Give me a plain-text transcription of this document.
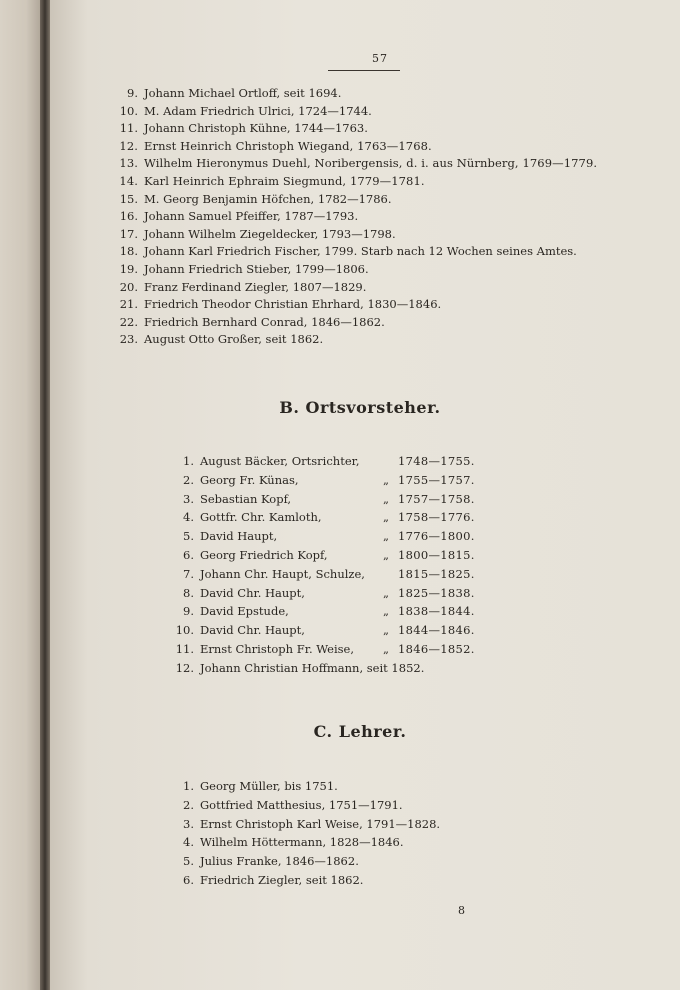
57
9. Johann Michael Ortloff, seit 1694.
10. M. Adam Friedrich Ulrici, 1724—1744.
11. Johann Christoph Kühne, 1744—1763.
12. Ernst Heinrich Christoph Wiegand, 1763—1768.
13. Wilhelm Hieronymus Duehl, Noribergensis, d. i. aus Nürnberg, 1769—1779.
14. Karl Heinrich Ephraim Siegmund, 1779—1781.
15. M. Georg Benjamin Höfchen, 1782—1786.
16. Johann Samuel Pfeiffer, 1787—1793.
17. Johann Wilhelm Ziegeldecker, 1793—1798.
18. Johann Karl Friedrich Fischer, 1799. Starb nach 12 Wochen seines Amtes.
19. Johann Friedrich Stieber, 1799—1806.
20. Franz Ferdinand Ziegler, 1807—1829.
21. Friedrich Theodor Christian Ehrhard, 1830—1846.
22. Friedrich Bernhard Conrad, 1846—1862.
23. August Otto Großer, seit 1862.
B. Ortsvorsteher.
1. August Bäcker, Ortsrichter,	1748—1755.
2. Georg Fr. Künas,	„ 1755—1757.
3. Sebastian Kopf,	„ 1757—1758.
4. Gottfr. Chr. Kamloth,	„ 1758—1776.
5. David Haupt,	„ 1776—1800.
6. Georg Friedrich Kopf,	„ 1800—1815.
7. Johann Chr. Haupt, Schulze,	1815—1825.
8. David Chr. Haupt,	„ 1825—1838.
9. David Epstude,	„ 1838—1844.
10. David Chr. Haupt,	„ 1844—1846.
11. Ernst Christoph Fr. Weise,	„ 1846—1852.
12. Johann Christian Hoffmann, seit 1852.
C. Lehrer.
1. Georg Müller, bis 1751.
2. Gottfried Matthesius, 1751—1791.
3. Ernst Christoph Karl Weise, 1791—1828.
4. Wilhelm Höttermann, 1828—1846.
5. Julius Franke, 1846—1862.
6. Friedrich Ziegler, seit 1862.
8
